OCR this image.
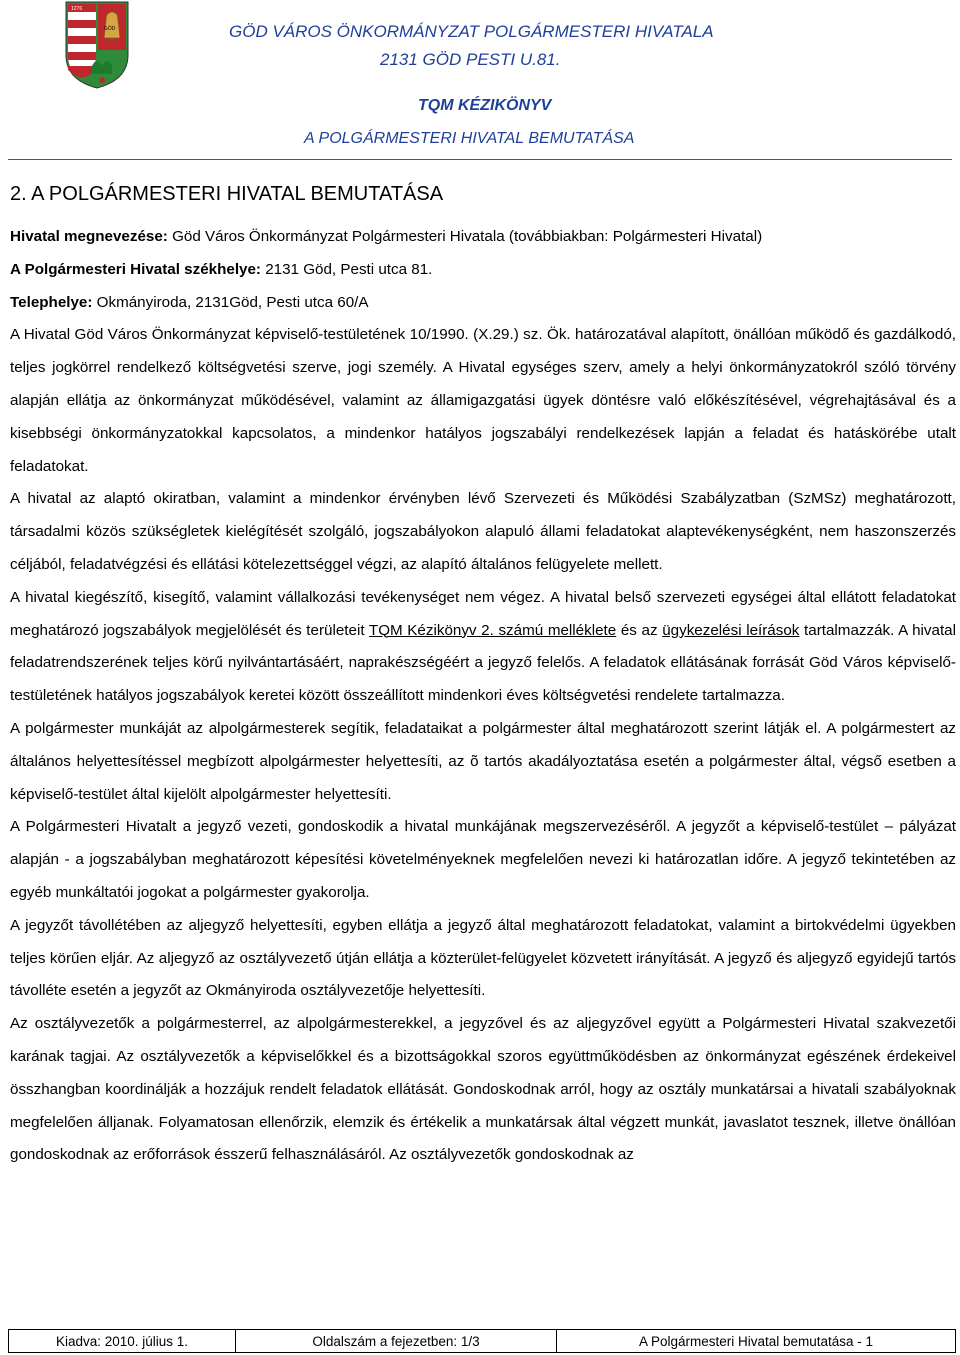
1276
GÖD	GÖD VÁROS ÖNKORMÁNYZAT POLGÁRMESTERI HIVATALA
2131 GÖD PESTI U.81.
TQM KÉZIKÖNYV
A POLGÁRMESTERI HIVATAL BEMUTATÁSA
2. A POLGÁRMESTERI HIVATAL BEMUTATÁSA

Hivatal megnevezése: Göd Város Önkormányzat Polgármesteri Hivatala (továbbiakban: Polgármesteri Hivatal)

A Polgármesteri Hivatal székhelye: 2131 Göd, Pesti utca 81.

Telephelye: Okmányiroda, 2131Göd, Pesti utca 60/A

A Hivatal Göd Város Önkormányzat képviselő-testületének 10/1990. (X.29.) sz. Ök. határozatával alapított, önállóan működő és gazdálkodó, teljes jogkörrel rendelkező költségvetési szerve, jogi személy. A Hivatal egységes szerv, amely a helyi önkormányzatokról szóló törvény alapján ellátja az önkormányzat működésével, valamint az államigazgatási ügyek döntésre való előkészítésével, végrehajtásával és a kisebbségi önkormányzatokkal kapcsolatos, a mindenkor hatályos jogszabályi rendelkezések lapján a feladat és hatáskörébe utalt feladatokat.

A hivatal az alaptó okiratban, valamint a mindenkor érvényben lévő Szervezeti és Működési Szabályzatban (SzMSz) meghatározott, társadalmi közös szükségletek kielégítését szolgáló, jogszabályokon alapuló állami feladatokat alaptevékenységként, nem haszonszerzés céljából, feladatvégzési és ellátási kötelezettséggel végzi, az alapító általános felügyelete mellett.

A hivatal kiegészítő, kisegítő, valamint vállalkozási tevékenységet nem végez. A hivatal belső szervezeti egységei által ellátott feladatokat meghatározó jogszabályok megjelölését és területeit TQM Kézikönyv 2. számú melléklete és az ügykezelési leírások tartalmazzák. A hivatal feladatrendszerének teljes körű nyilvántartásáért, naprakészségéért a jegyző felelős. A feladatok ellátásának forrását Göd Város képviselő-testületének hatályos jogszabályok keretei között összeállított mindenkori éves költségvetési rendelete tartalmazza.

A polgármester munkáját az alpolgármesterek segítik, feladataikat a polgármester által meghatározott szerint látják el. A polgármestert az általános helyettesítéssel megbízott alpolgármester helyettesíti, az õ tartós akadályoztatása esetén a polgármester által, végső esetben a képviselő-testület által kijelölt alpolgármester helyettesíti.

A Polgármesteri Hivatalt a jegyző vezeti, gondoskodik a hivatal munkájának megszervezéséről. A jegyzőt a képviselő-testület – pályázat alapján - a jogszabályban meghatározott képesítési követelményeknek megfelelően nevezi ki határozatlan időre. A jegyző tekintetében az egyéb munkáltatói jogokat a polgármester gyakorolja.

A jegyzőt távollétében az aljegyző helyettesíti, egyben ellátja a jegyző által meghatározott feladatokat, valamint a birtokvédelmi ügyekben teljes körűen eljár. Az aljegyző az osztályvezető útján ellátja a közterület-felügyelet közvetett irányítását. A jegyző és aljegyző egyidejű tartós távolléte esetén a jegyzőt az Okmányiroda osztályvezetője helyettesíti.

Az osztályvezetők a polgármesterrel, az alpolgármesterekkel, a jegyzővel és az aljegyzővel együtt a Polgármesteri Hivatal szakvezetői karának tagjai. Az osztályvezetők a képviselőkkel és a bizottságokkal szoros együttműködésben az önkormányzat egészének érdekeivel összhangban koordinálják a hozzájuk rendelt feladatok ellátását. Gondoskodnak arról, hogy az osztály munkatársai a hivatali szabályoknak megfelelően álljanak. Folyamatosan ellenőrzik, elemzik és értékelik a munkatársak által végzett munkát, javaslatot tesznek, illetve önállóan gondoskodnak az erőforrások ésszerű felhasználásáról. Az osztályvezetők gondoskodnak az

Kiadva: 2010. július 1.	Oldalszám a fejezetben: 1/3	A Polgármesteri Hivatal bemutatása - 1
